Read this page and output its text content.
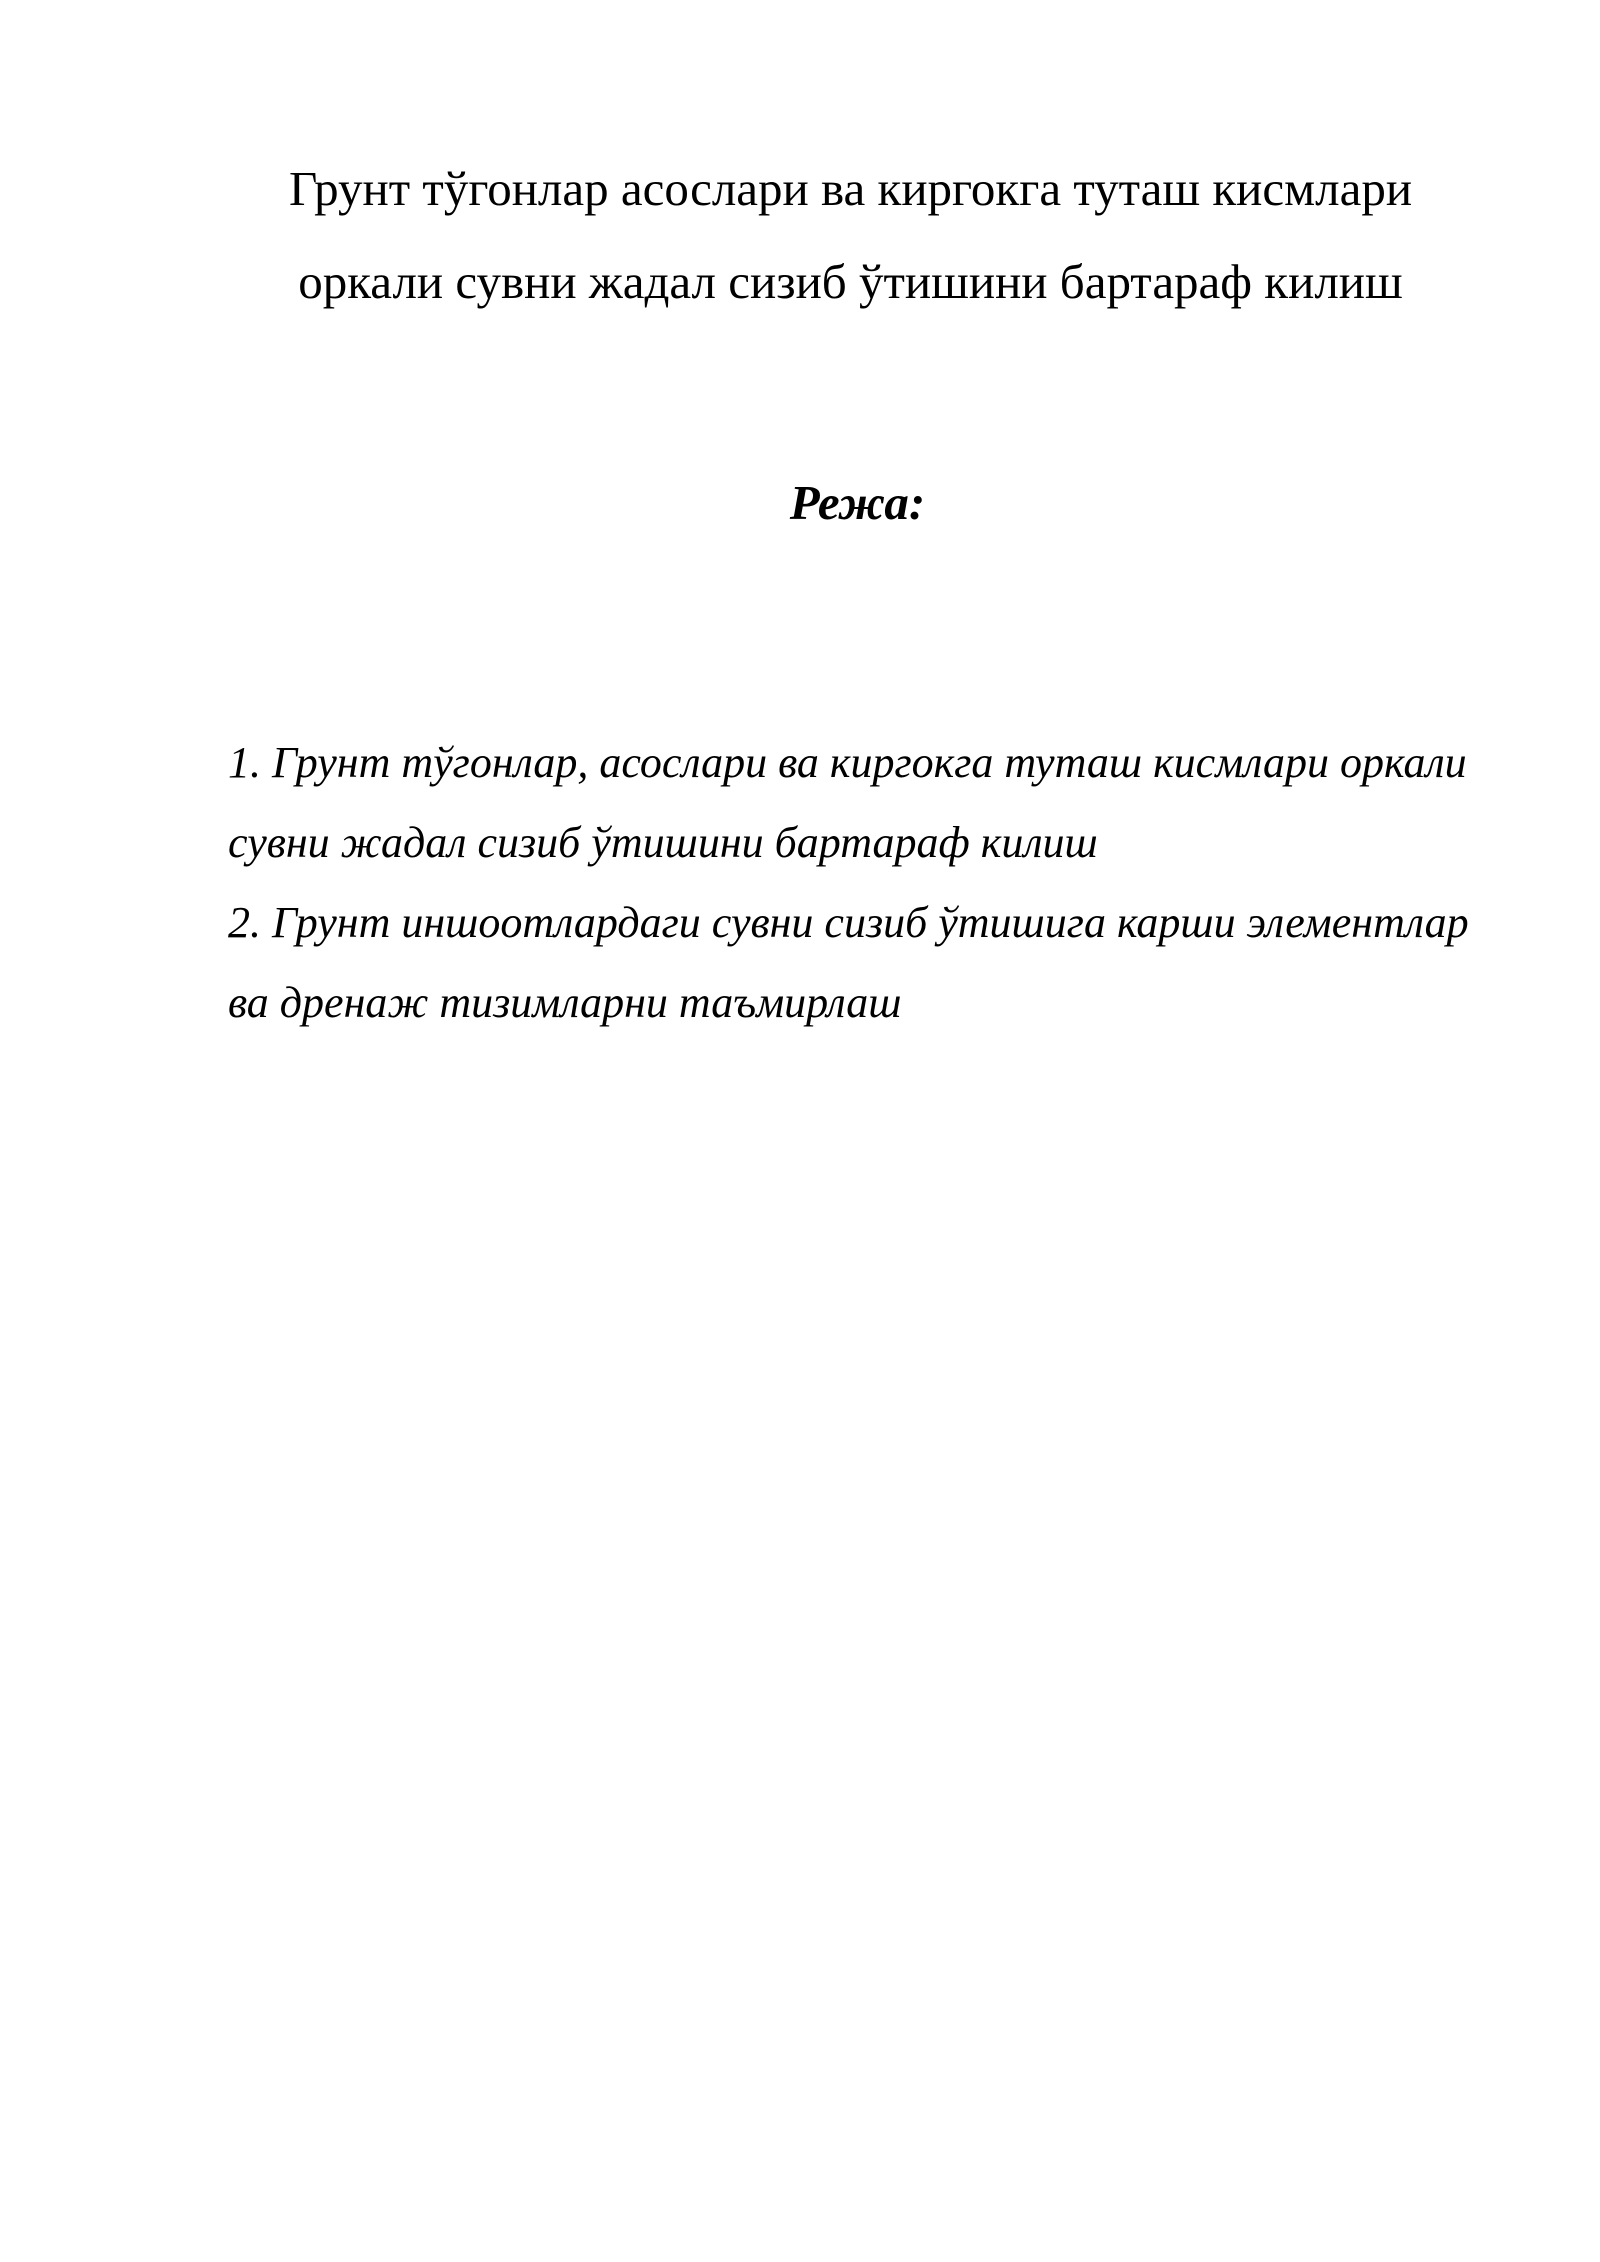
Грунт тўгонлар асослари ва киргокга туташ кисмлари
оркали сувни жадал сизиб ўтишини бартараф килиш
Режа:
1. Грунт тўгонлар, асослари ва киргокга туташ кисмлари оркали
сувни жадал сизиб ўтишини бартараф килиш
2. Грунт иншоотлардаги сувни сизиб ўтишига карши элементлар
ва дренаж тизимларни таъмирлаш
